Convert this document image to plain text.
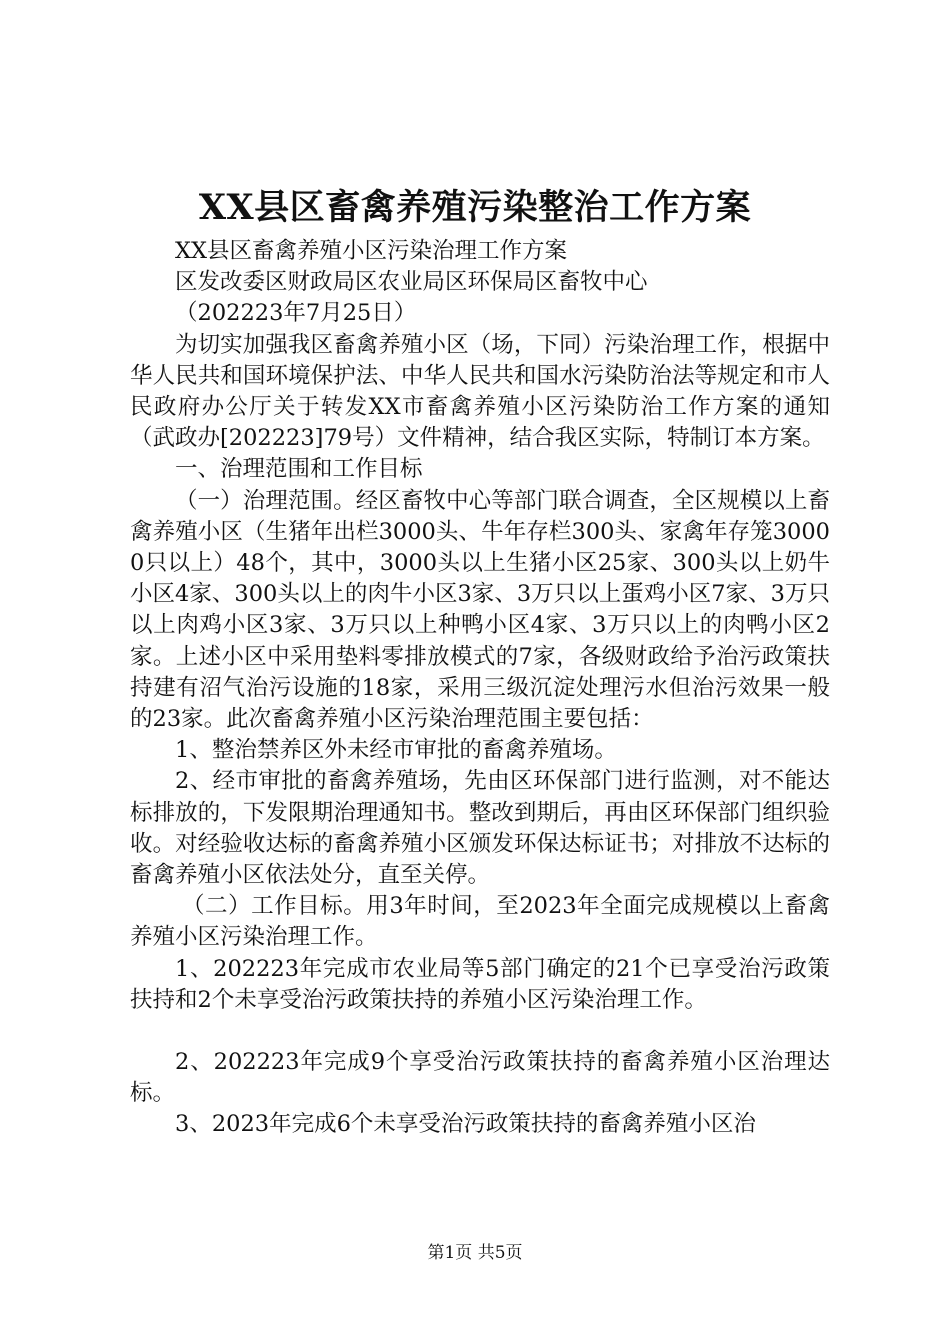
XX县区畜禽养殖污染整治工作方案

XX县区畜禽养殖小区污染治理工作方案

区发改委区财政局区农业局区环保局区畜牧中心

（202223年7月25日）

为切实加强我区畜禽养殖小区（场，下同）污染治理工作，根据中华人民共和国环境保护法、中华人民共和国水污染防治法等规定和市人民政府办公厅关于转发XX市畜禽养殖小区污染防治工作方案的通知（武政办[202223]79号）文件精神，结合我区实际，特制订本方案。

一、治理范围和工作目标

（一）治理范围。经区畜牧中心等部门联合调查，全区规模以上畜禽养殖小区（生猪年出栏3000头、牛年存栏300头、家禽年存笼30000只以上）48个，其中，3000头以上生猪小区25家、300头以上奶牛小区4家、300头以上的肉牛小区3家、3万只以上蛋鸡小区7家、3万只以上肉鸡小区3家、3万只以上种鸭小区4家、3万只以上的肉鸭小区2家。上述小区中采用垫料零排放模式的7家，各级财政给予治污政策扶持建有沼气治污设施的18家，采用三级沉淀处理污水但治污效果一般的23家。此次畜禽养殖小区污染治理范围主要包括：

1、整治禁养区外未经市审批的畜禽养殖场。

2、经市审批的畜禽养殖场，先由区环保部门进行监测，对不能达标排放的，下发限期治理通知书。整改到期后，再由区环保部门组织验收。对经验收达标的畜禽养殖小区颁发环保达标证书；对排放不达标的畜禽养殖小区依法处分，直至关停。

（二）工作目标。用3年时间，至2023年全面完成规模以上畜禽养殖小区污染治理工作。

1、202223年完成市农业局等5部门确定的21个已享受治污政策扶持和2个未享受治污政策扶持的养殖小区污染治理工作。

2、202223年完成9个享受治污政策扶持的畜禽养殖小区治理达标。

3、2023年完成6个未享受治污政策扶持的畜禽养殖小区治

第1页 共5页
